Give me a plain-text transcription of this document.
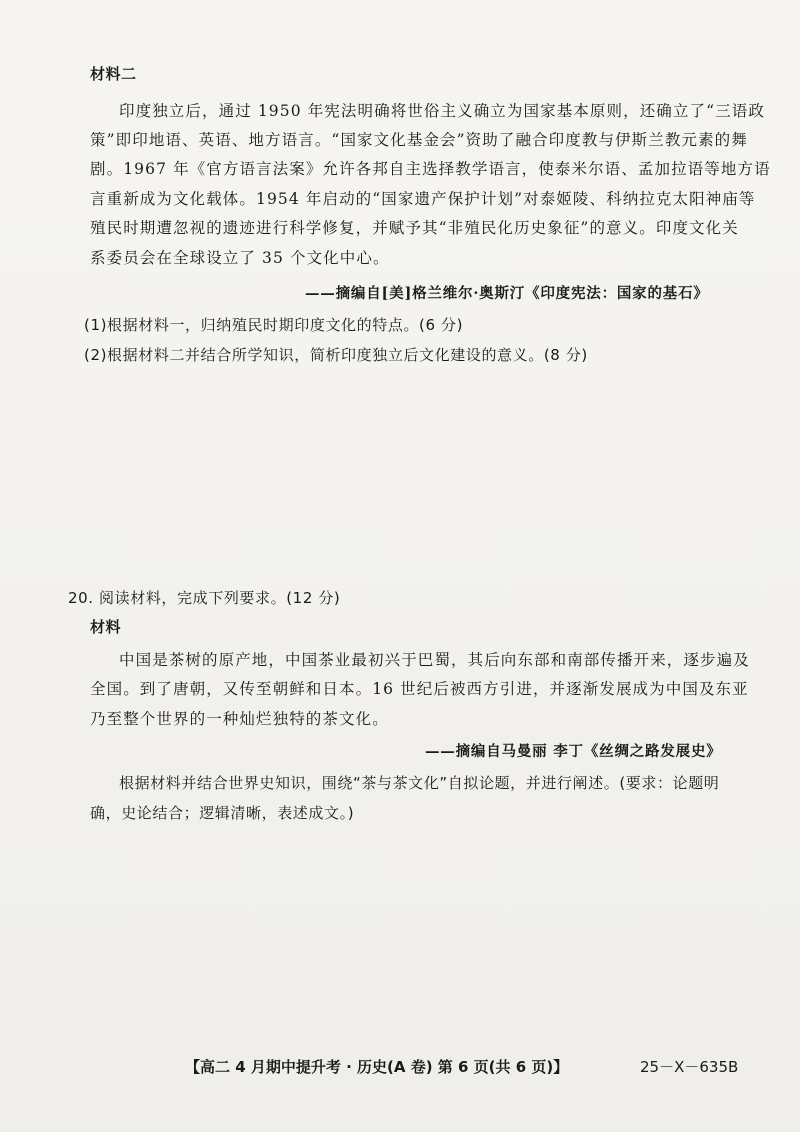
材料二
印度独立后，通过 1950 年宪法明确将世俗主义确立为国家基本原则，还确立了“三语政
策”即印地语、英语、地方语言。“国家文化基金会”资助了融合印度教与伊斯兰教元素的舞
剧。1967 年《官方语言法案》允许各邦自主选择教学语言，使泰米尔语、孟加拉语等地方语
言重新成为文化载体。1954 年启动的“国家遗产保护计划”对泰姬陵、科纳拉克太阳神庙等
殖民时期遭忽视的遗迹进行科学修复，并赋予其“非殖民化历史象征”的意义。印度文化关
系委员会在全球设立了 35 个文化中心。
——摘编自[美]格兰维尔·奥斯汀《印度宪法：国家的基石》
(1)根据材料一，归纳殖民时期印度文化的特点。(6 分)
(2)根据材料二并结合所学知识，简析印度独立后文化建设的意义。(8 分)
20. 阅读材料，完成下列要求。(12 分)
材料
中国是茶树的原产地，中国茶业最初兴于巴蜀，其后向东部和南部传播开来，逐步遍及
全国。到了唐朝，又传至朝鲜和日本。16 世纪后被西方引进，并逐渐发展成为中国及东亚
乃至整个世界的一种灿烂独特的茶文化。
——摘编自马曼丽 李丁《丝绸之路发展史》
根据材料并结合世界史知识，围绕“茶与茶文化”自拟论题，并进行阐述。(要求：论题明
确，史论结合；逻辑清晰，表述成文。)
【高二 4 月期中提升考 · 历史(A 卷) 第 6 页(共 6 页)】	25－X－635B
